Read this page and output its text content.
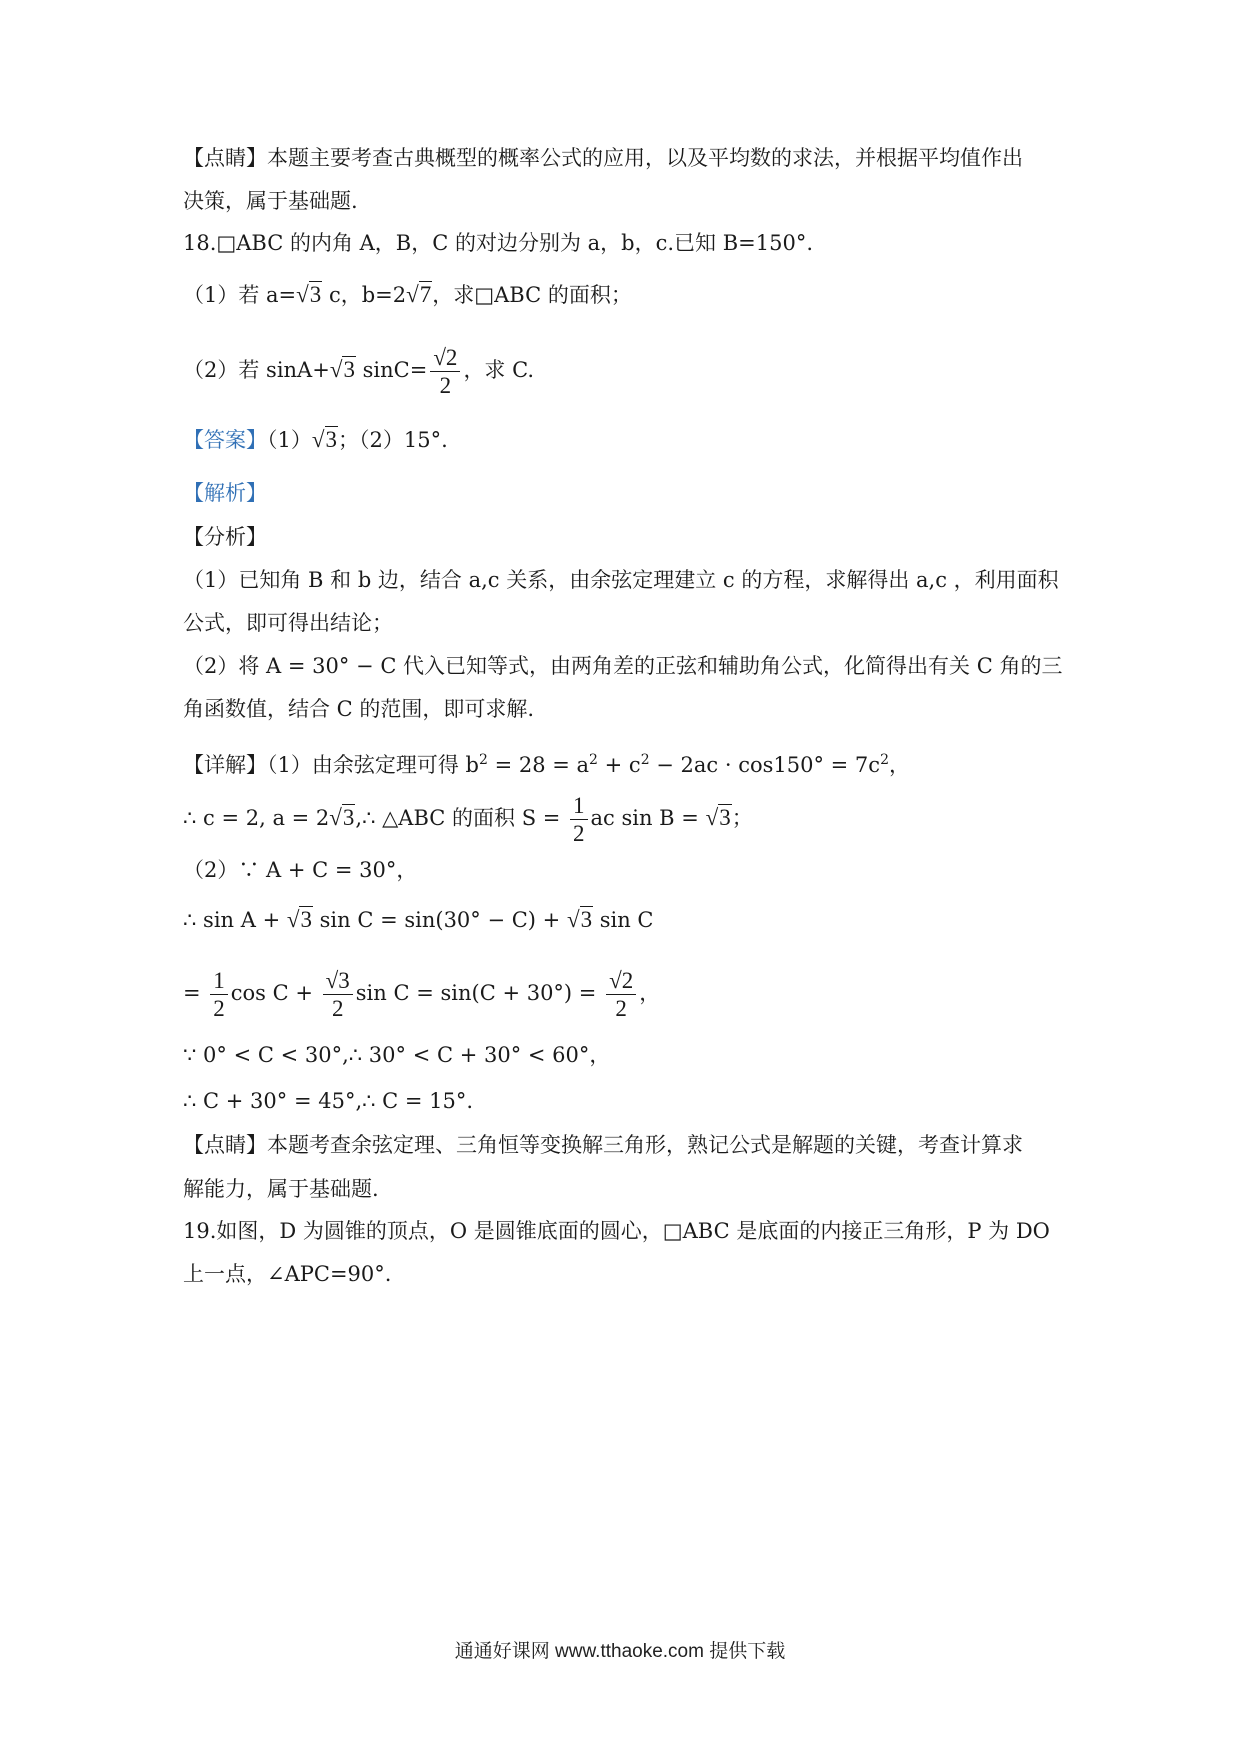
【点睛】本题主要考查古典概型的概率公式的应用，以及平均数的求法，并根据平均值作出
决策，属于基础题.
18.□ABC 的内角 A，B，C 的对边分别为 a，b，c.已知 B=150°.
（1）若 a=√3 c，b=2√7，求□ABC 的面积；
（2）若 sinA+√3 $\sin C= \frac{√2}{2}$ ，求 C.
【答案】（1）√3；（2）15°.
【解析】
【分析】
（1）已知角 B 和 b 边，结合 a,c 关系，由余弦定理建立 c 的方程，求解得出 a,c ，利用面积
公式，即可得出结论；
（2）将 A = 30° − C 代入已知等式，由两角差的正弦和辅助角公式，化简得出有关 C 角的三
角函数值，结合 C 的范围，即可求解.
【详解】（1）由余弦定理可得 $b^2 = 28 = a^2 + c^2 - 2ac \cdot \cos 150^\circ = 7c^2$，
∴ c = 2, a = 2√3,∴ △ABC 的面积 $S = \frac{1}{2}$ ac sin B = √3；
（2）∵ A + C = 30°，
∴ sin A + √3 sin C = sin(30° − C) + √3 sin C
= $\frac{1}{2}$ $\cos C + \frac{√3}{2}$ $\sin C = \sin(C + 30^\circ) = \frac{√2}{2}$ ，
∵ 0° < C < 30°,∴ 30° < C + 30° < 60°，
∴ C + 30° = 45°,∴ C = 15°.
【点睛】本题考查余弦定理、三角恒等变换解三角形，熟记公式是解题的关键，考查计算求
解能力，属于基础题.
19.如图，D 为圆锥的顶点，O 是圆锥底面的圆心，□ABC 是底面的内接正三角形，P 为 DO
上一点，∠APC=90°.
通通好课网 www.tthaoke.com 提供下载
